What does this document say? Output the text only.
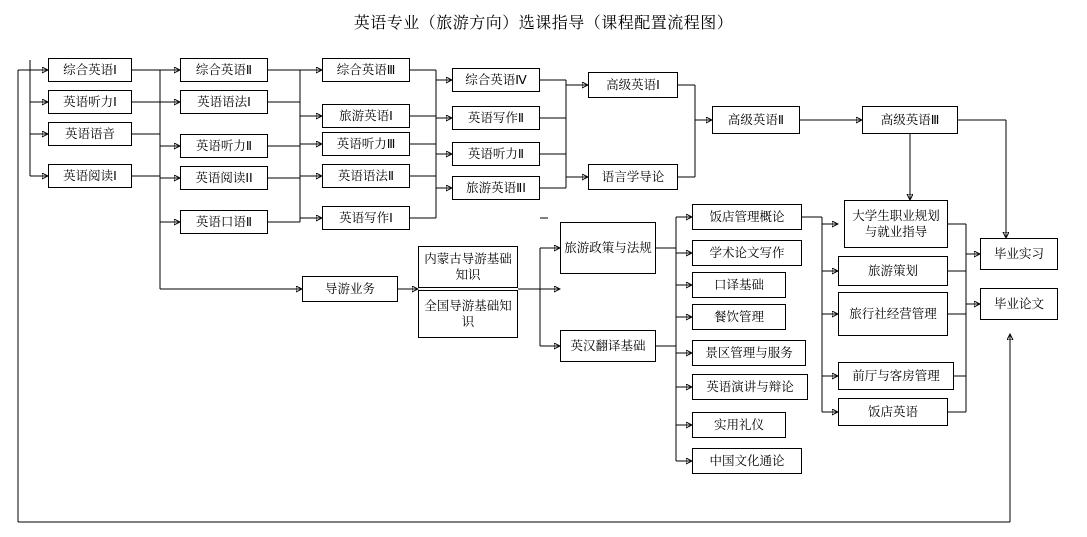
英语专业（旅游方向）选课指导（课程配置流程图）
综合英语Ⅰ
英语听力Ⅰ
英语语音
英语阅读Ⅰ
综合英语Ⅱ
英语语法Ⅰ
英语听力Ⅱ
英语阅读ⅠⅠ
英语口语Ⅱ
综合英语Ⅲ
旅游英语Ⅰ
英语听力Ⅲ
英语语法Ⅱ
英语写作Ⅰ
综合英语Ⅳ
英语写作Ⅱ
英语听力Ⅱ
旅游英语ⅡⅠ
高级英语Ⅰ
语言学导论
高级英语Ⅱ	高级英语Ⅲ
导游业务
内蒙古导游基础知识
全国导游基础知识
旅游政策与法规
英汉翻译基础
饭店管理概论
学术论文写作
口译基础
餐饮管理
景区管理与服务
英语演讲与辩论
实用礼仪
中国文化通论
大学生职业规划与就业指导
旅游策划
旅行社经营管理
前厅与客房管理
饭店英语
毕业实习
毕业论文
